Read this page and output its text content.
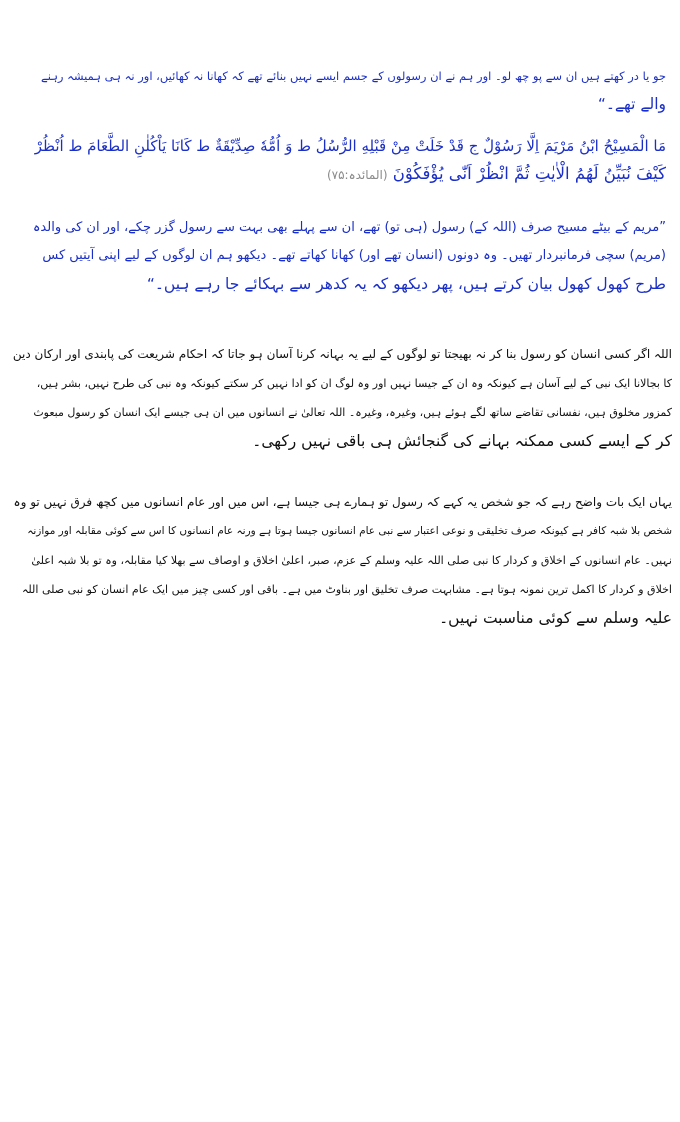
جو یا در کھتے ہیں ان سے پو چھ لو۔ اور ہم نے ان رسولوں کے جسم ایسے نہیں بنائے تھے کہ کھانا نہ کھائیں، اور نہ ہی ہمیشہ رہنے
والے تھے۔“
مَا الْمَسِيْحُ ابْنُ مَرْيَمَ اِلَّا رَسُوْلٌ ج قَدْ خَلَتْ مِنْ قَبْلِهِ الرُّسُلُ ط وَ اُمُّهٗ صِدِّيْقَةٌ ط كَانَا يَاْكُلٰنِ الطَّعَامَ ط اُنْظُرْ
كَيْفَ نُبَيِّنُ لَهُمُ الْاٰيٰتِ ثُمَّ انْظُرْ اَنّٰى يُؤْفَكُوْنَ (المائدہ:۷۵)
”مریم کے بیٹے مسیح صرف (اللہ کے) رسول (ہی تو) تھے، ان سے پہلے بھی بہت سے رسول گزر چکے، اور ان کی والدہ
(مریم) سچی فرمانبردار تھیں۔ وہ دونوں (انسان تھے اور) کھانا کھاتے تھے۔ دیکھو ہم ان لوگوں کے لیے اپنی آیتیں کس
طرح کھول کھول بیان کرتے ہیں، پھر دیکھو کہ یہ کدھر سے بہکائے جا رہے ہیں۔“
اللہ اگر کسی انسان کو رسول بنا کر نہ بھیجتا تو لوگوں کے لیے یہ بہانہ کرنا آسان ہو جاتا کہ احکام شریعت کی پابندی اور ارکان دین
کا بجالانا ایک نبی کے لیے آسان ہے کیونکہ وہ ان کے جیسا نہیں اور وہ لوگ ان کو ادا نہیں کر سکتے کیونکہ وہ نبی کی طرح نہیں، بشر ہیں،
کمزور مخلوق ہیں، نفسانی تقاضے ساتھ لگے ہوئے ہیں، وغیرہ، وغیرہ۔ اللہ تعالیٰ نے انسانوں میں ان ہی جیسے ایک انسان کو رسول مبعوث
کر کے ایسے کسی ممکنہ بہانے کی گنجائش ہی باقی نہیں رکھی۔
یہاں ایک بات واضح رہے کہ جو شخص یہ کہے کہ رسول تو ہمارے ہی جیسا ہے، اس میں اور عام انسانوں میں کچھ فرق نہیں تو وہ
شخص بلا شبہ کافر ہے کیونکہ صرف تخلیقی و نوعی اعتبار سے نبی عام انسانوں جیسا ہوتا ہے ورنہ عام انسانوں کا اس سے کوئی مقابلہ اور موازنہ
نہیں۔ عام انسانوں کے اخلاق و کردار کا نبی صلی اللہ علیہ وسلم کے عزم، صبر، اعلیٰ اخلاق و اوصاف سے بھلا کیا مقابلہ، وہ تو بلا شبہ اعلیٰ
اخلاق و کردار کا اکمل ترین نمونہ ہوتا ہے۔ مشابہت صرف تخلیق اور بناوٹ میں ہے۔ باقی اور کسی چیز میں ایک عام انسان کو نبی صلی اللہ
علیہ وسلم سے کوئی مناسبت نہیں۔
